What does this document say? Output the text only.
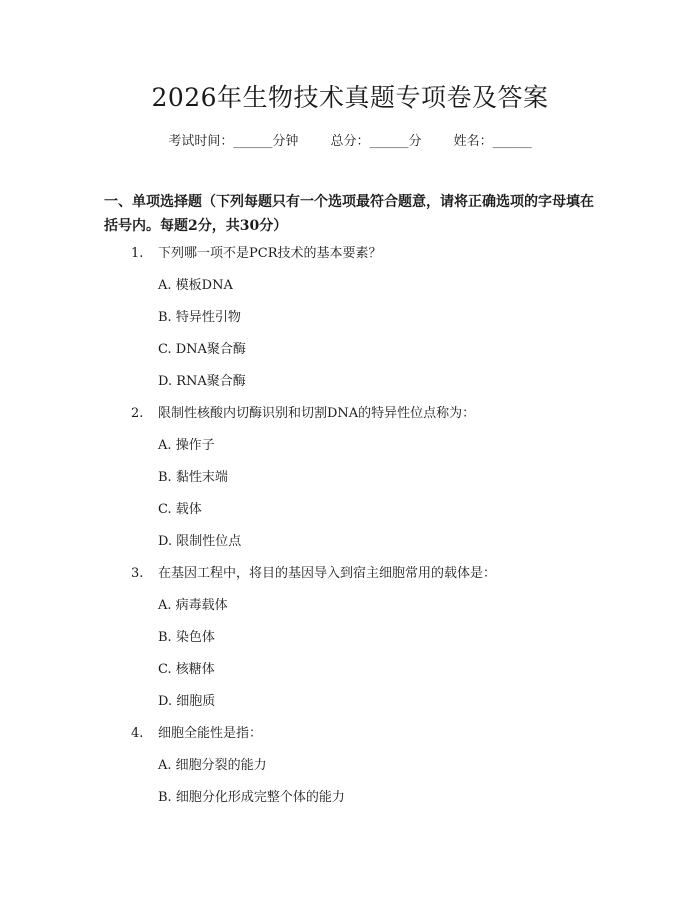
2026年生物技术真题专项卷及答案
考试时间：______分钟 总分：______分 姓名：______
一、单项选择题（下列每题只有一个选项最符合题意，请将正确选项的字母填在括号内。每题2分，共30分）
1. 下列哪一项不是PCR技术的基本要素？
A. 模板DNA
B. 特异性引物
C. DNA聚合酶
D. RNA聚合酶
2. 限制性核酸内切酶识别和切割DNA的特异性位点称为：
A. 操作子
B. 黏性末端
C. 载体
D. 限制性位点
3. 在基因工程中，将目的基因导入到宿主细胞常用的载体是：
A. 病毒载体
B. 染色体
C. 核糖体
D. 细胞质
4. 细胞全能性是指：
A. 细胞分裂的能力
B. 细胞分化形成完整个体的能力
